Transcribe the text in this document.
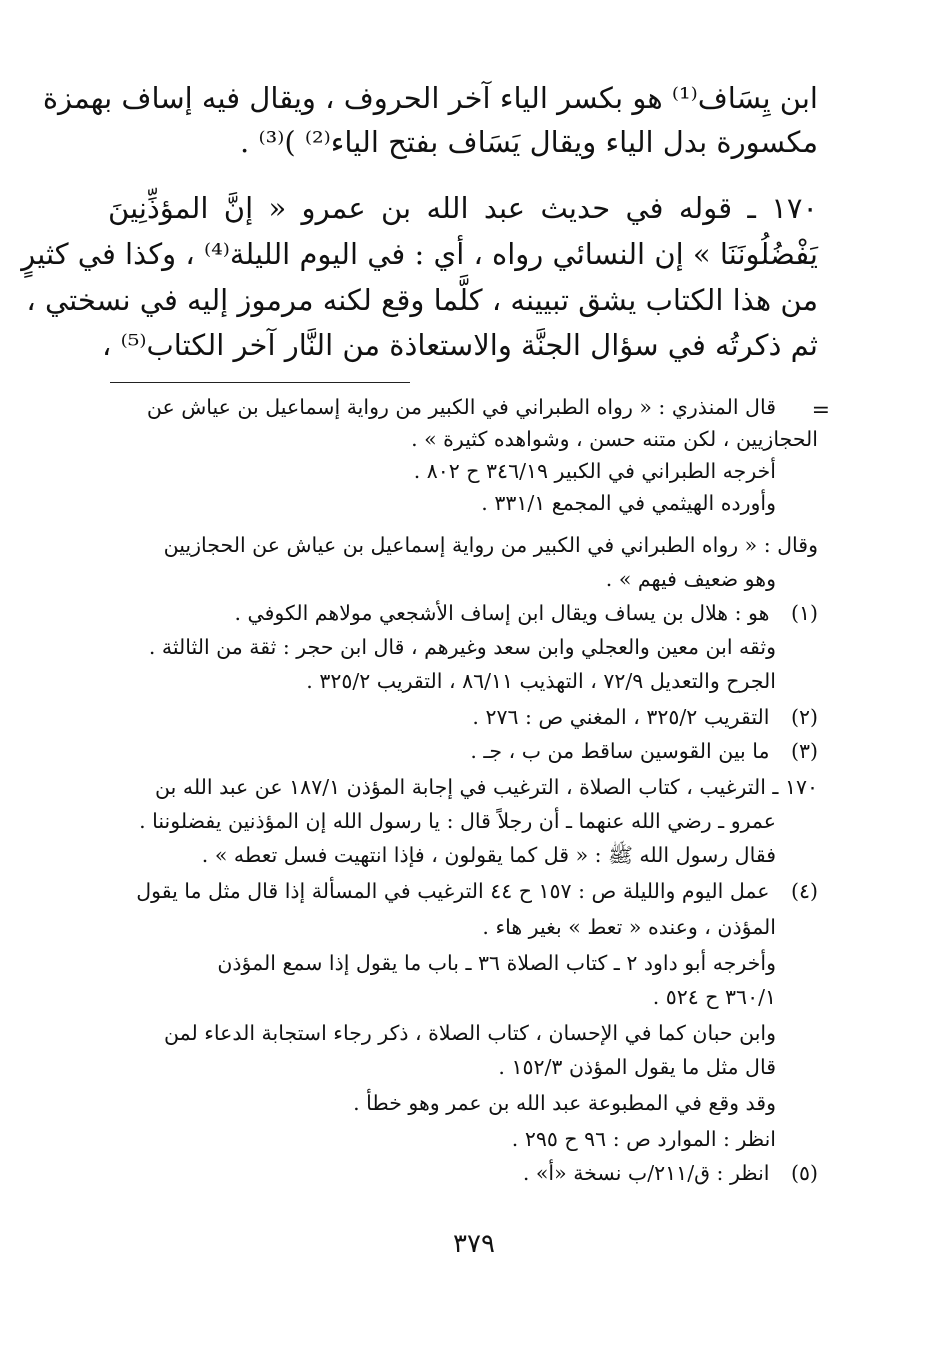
ابن يِسَاف⁽¹⁾ هو بكسر الياء آخر الحروف ، ويقال فيه إساف بهمزة
مكسورة بدل الياء ويقال يَسَاف بفتح الياء⁽²⁾ )⁽³⁾ .
١٧٠ ـ قوله في حديث عبد الله بن عمرو « إنَّ المؤذِّنِينَ
يَفْضُلُونَنَا » إن النسائي رواه ، أي : في اليوم الليلة⁽⁴⁾ ، وكذا في كثيرٍ
من هذا الكتاب يشق تبيينه ، كلَّما وقع لكنه مرموز إليه في نسختي ،
ثم ذكرتُه في سؤال الجنَّة والاستعاذة من النَّار آخر الكتاب⁽⁵⁾ ،
=
قال المنذري : « رواه الطبراني في الكبير من رواية إسماعيل بن عياش عن
الحجازيين ، لكن متنه حسن ، وشواهده كثيرة » .
أخرجه الطبراني في الكبير ٣٤٦/١٩ ح ٨٠٢ .
وأورده الهيثمي في المجمع ٣٣١/١ .
وقال : « رواه الطبراني في الكبير من رواية إسماعيل بن عياش عن الحجازيين
وهو ضعيف فيهم » .
(١) هو : هلال بن يساف ويقال ابن إساف الأشجعي مولاهم الكوفي .
وثقه ابن معين والعجلي وابن سعد وغيرهم ، قال ابن حجر : ثقة من الثالثة .
الجرح والتعديل ٧٢/٩ ، التهذيب ٨٦/١١ ، التقريب ٣٢٥/٢ .
(٢) التقريب ٣٢٥/٢ ، المغني ص : ٢٧٦ .
(٣) ما بين القوسين ساقط من ب ، جـ .
١٧٠ ـ الترغيب ، كتاب الصلاة ، الترغيب في إجابة المؤذن ١٨٧/١ عن عبد الله بن
عمرو ـ رضي الله عنهما ـ أن رجلاً قال : يا رسول الله إن المؤذنين يفضلوننا .
فقال رسول الله ﷺ : « قل كما يقولون ، فإذا انتهيت فسل تعطه » .
(٤) عمل اليوم والليلة ص : ١٥٧ ح ٤٤ الترغيب في المسألة إذا قال مثل ما يقول
المؤذن ، وعنده « تعط » بغير هاء .
وأخرجه أبو داود ٢ ـ كتاب الصلاة ٣٦ ـ باب ما يقول إذا سمع المؤذن
٣٦٠/١ ح ٥٢٤ .
وابن حبان كما في الإحسان ، كتاب الصلاة ، ذكر رجاء استجابة الدعاء لمن
قال مثل ما يقول المؤذن ١٥٢/٣ .
وقد وقع في المطبوعة عبد الله بن عمر وهو خطأ .
انظر : الموارد ص : ٩٦ ح ٢٩٥ .
(٥) انظر : ق/٢١١/ب نسخة «أ» .
٣٧٩
